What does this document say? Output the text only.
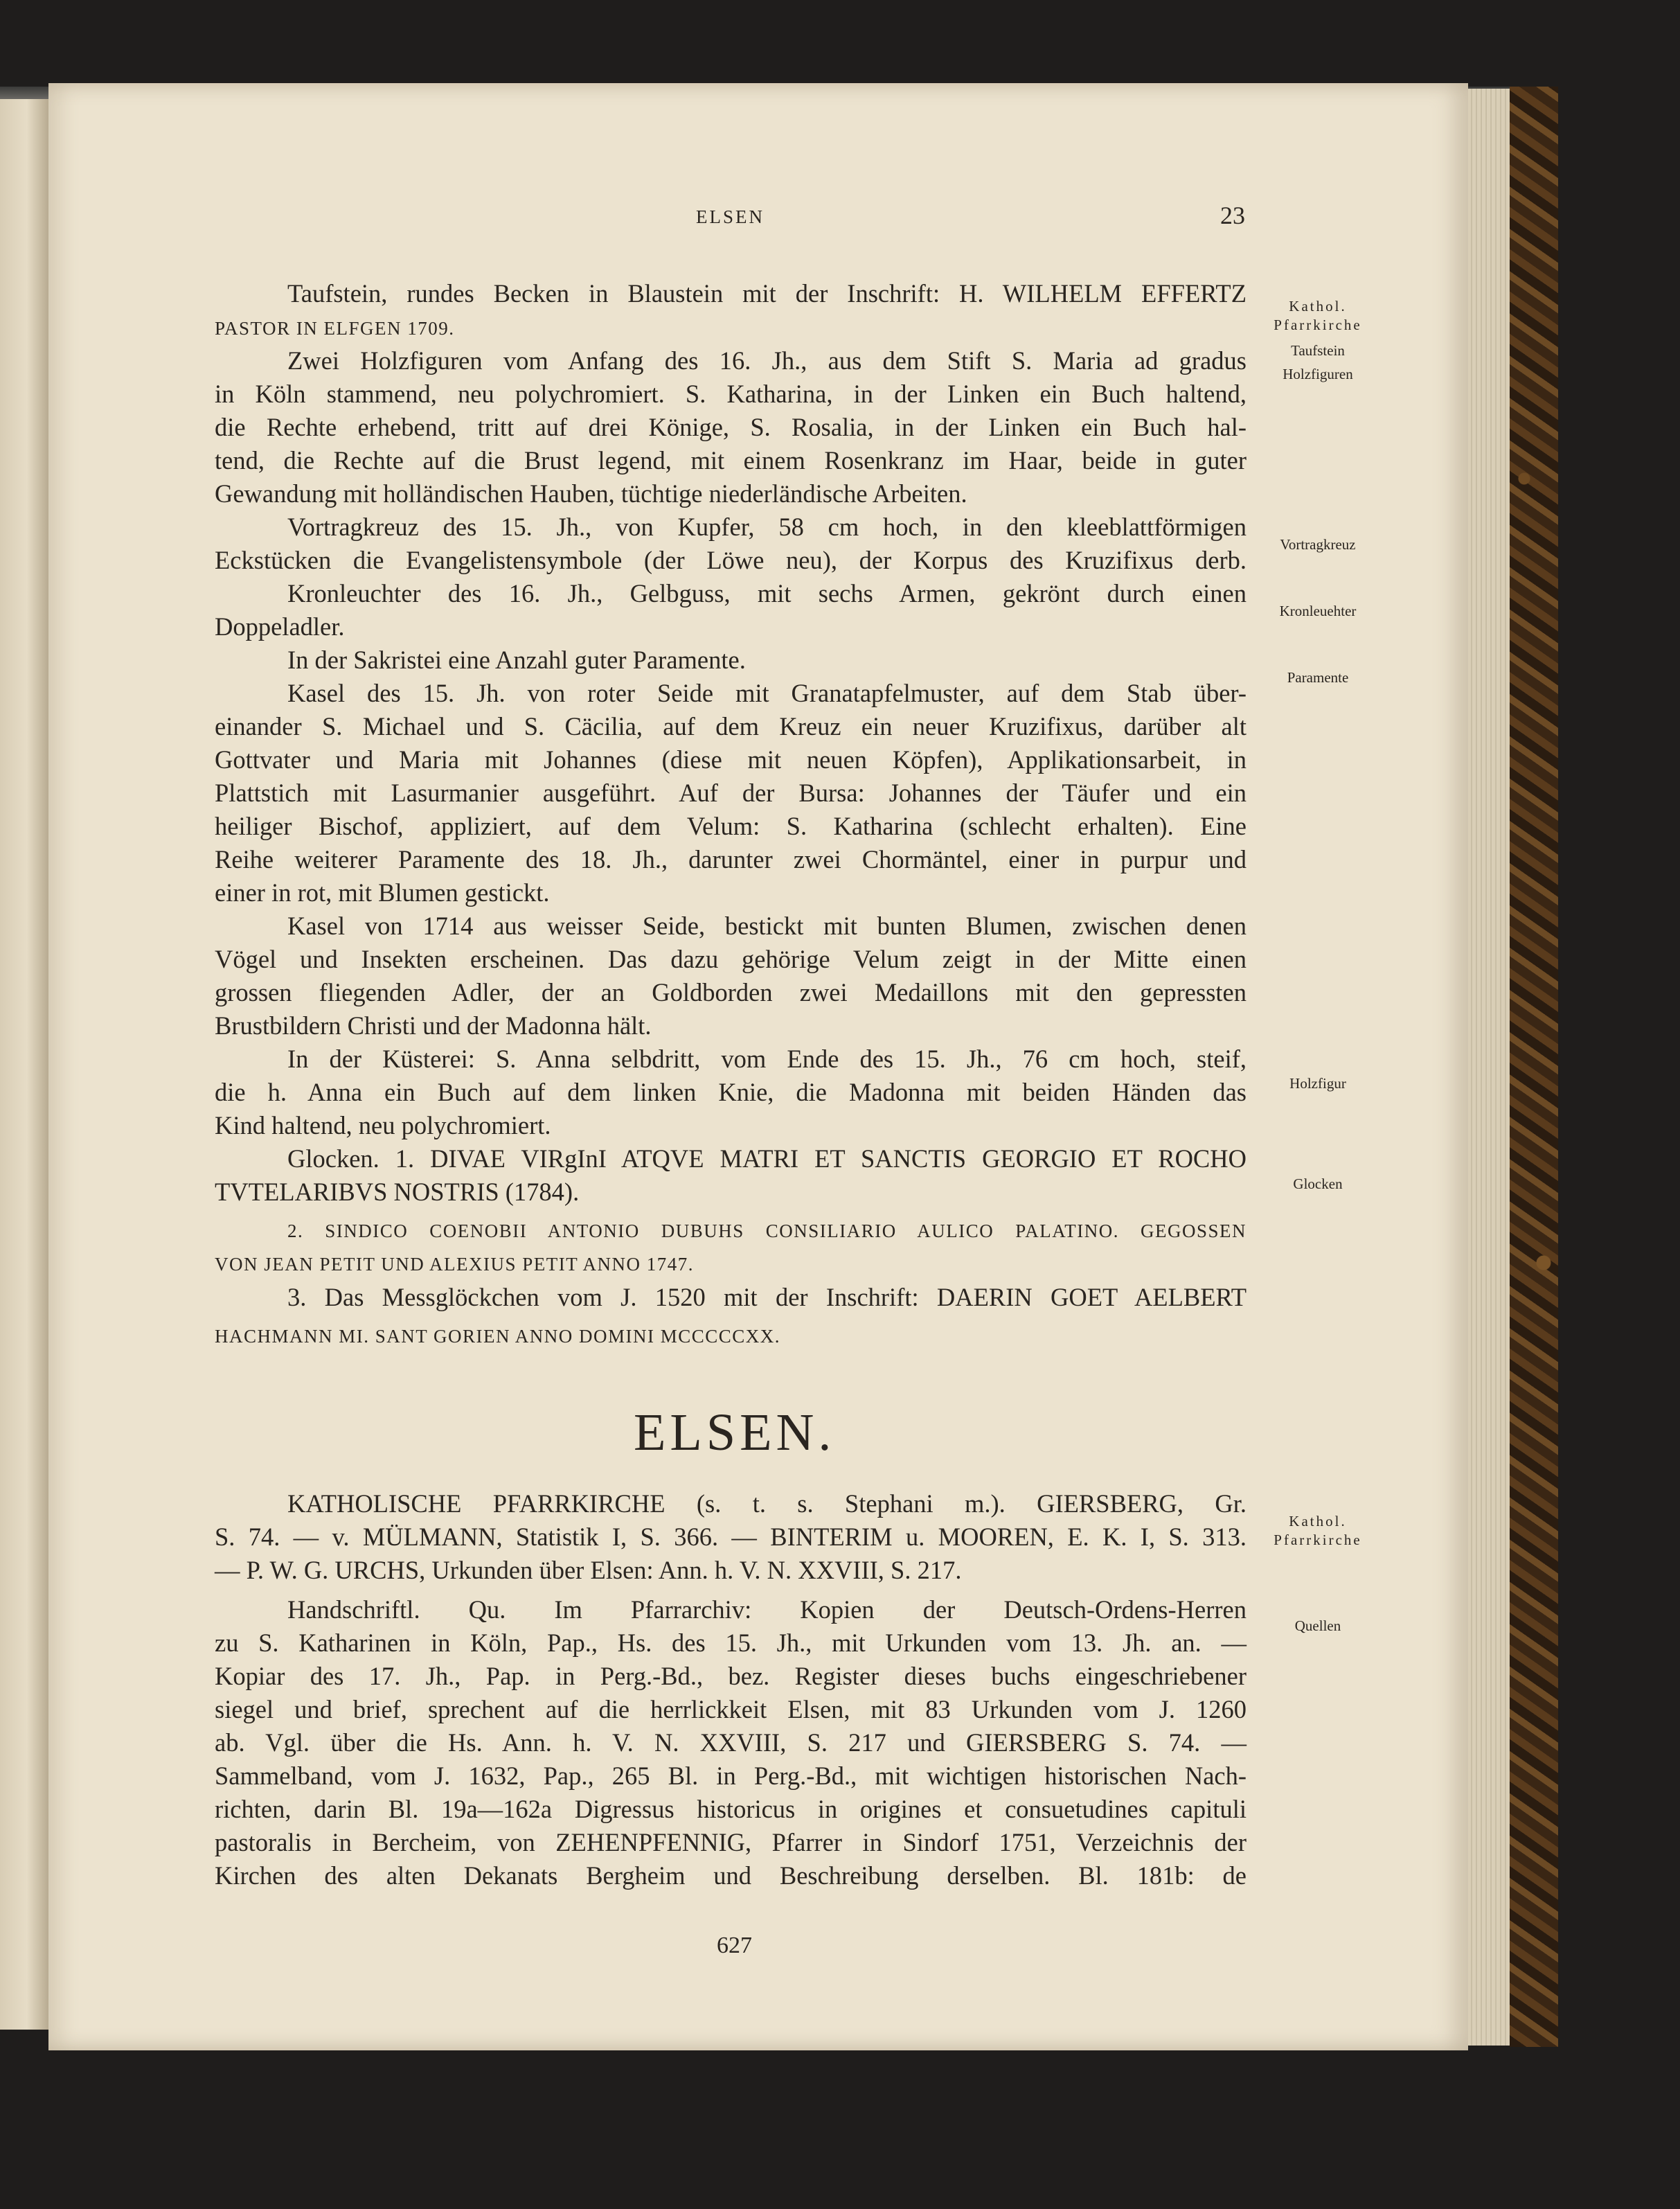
ELSEN	23

Taufstein, rundes Becken in Blaustein mit der Inschrift: H. WILHELM EFFERTZ

PASTOR IN ELFGEN 1709.

Zwei Holzfiguren vom Anfang des 16. Jh., aus dem Stift S. Maria ad gradus

in Köln stammend, neu polychromiert. S. Katharina, in der Linken ein Buch haltend,

die Rechte erhebend, tritt auf drei Könige, S. Rosalia, in der Linken ein Buch hal-

tend, die Rechte auf die Brust legend, mit einem Rosenkranz im Haar, beide in guter

Gewandung mit holländischen Hauben, tüchtige niederländische Arbeiten.

Vortragkreuz des 15. Jh., von Kupfer, 58 cm hoch, in den kleeblattförmigen

Eckstücken die Evangelistensymbole (der Löwe neu), der Korpus des Kruzifixus derb.

Kronleuchter des 16. Jh., Gelbguss, mit sechs Armen, gekrönt durch einen

Doppeladler.

In der Sakristei eine Anzahl guter Paramente.

Kasel des 15. Jh. von roter Seide mit Granatapfelmuster, auf dem Stab über-

einander S. Michael und S. Cäcilia, auf dem Kreuz ein neuer Kruzifixus, darüber alt

Gottvater und Maria mit Johannes (diese mit neuen Köpfen), Applikationsarbeit, in

Plattstich mit Lasurmanier ausgeführt. Auf der Bursa: Johannes der Täufer und ein

heiliger Bischof, appliziert, auf dem Velum: S. Katharina (schlecht erhalten). Eine

Reihe weiterer Paramente des 18. Jh., darunter zwei Chormäntel, einer in purpur und

einer in rot, mit Blumen gestickt.

Kasel von 1714 aus weisser Seide, bestickt mit bunten Blumen, zwischen denen

Vögel und Insekten erscheinen. Das dazu gehörige Velum zeigt in der Mitte einen

grossen fliegenden Adler, der an Goldborden zwei Medaillons mit den gepressten

Brustbildern Christi und der Madonna hält.

In der Küsterei: S. Anna selbdritt, vom Ende des 15. Jh., 76 cm hoch, steif,

die h. Anna ein Buch auf dem linken Knie, die Madonna mit beiden Händen das

Kind haltend, neu polychromiert.

Glocken. 1. DIVAE VIRgInI ATQVE MATRI ET SANCTIS GEORGIO ET ROCHO

TVTELARIBVS NOSTRIS (1784).

2. SINDICO COENOBII ANTONIO DUBUHS CONSILIARIO AULICO PALATINO. GEGOSSEN

VON JEAN PETIT UND ALEXIUS PETIT ANNO 1747.

3. Das Messglöckchen vom J. 1520 mit der Inschrift: DAERIN GOET AELBERT

HACHMANN MI. SANT GORIEN ANNO DOMINI MCCCCCXX.

ELSEN.

KATHOLISCHE PFARRKIRCHE (s. t. s. Stephani m.). GIERSBERG, Gr.

S. 74. — v. MÜLMANN, Statistik I, S. 366. — BINTERIM u. MOOREN, E. K. I, S. 313.

— P. W. G. URCHS, Urkunden über Elsen: Ann. h. V. N. XXVIII, S. 217.

Handschriftl. Qu. Im Pfarrarchiv: Kopien der Deutsch-Ordens-Herren

zu S. Katharinen in Köln, Pap., Hs. des 15. Jh., mit Urkunden vom 13. Jh. an. —

Kopiar des 17. Jh., Pap. in Perg.-Bd., bez. Register dieses buchs eingeschriebener

siegel und brief, sprechent auf die herrlickkeit Elsen, mit 83 Urkunden vom J. 1260

ab. Vgl. über die Hs. Ann. h. V. N. XXVIII, S. 217 und GIERSBERG S. 74. —

Sammelband, vom J. 1632, Pap., 265 Bl. in Perg.-Bd., mit wichtigen historischen Nach-

richten, darin Bl. 19a—162a Digressus historicus in origines et consuetudines capituli

pastoralis in Bercheim, von ZEHENPFENNIG, Pfarrer in Sindorf 1751, Verzeichnis der

Kirchen des alten Dekanats Bergheim und Beschreibung derselben. Bl. 181b: de

Kathol.

Pfarrkirche

Taufstein

Holzfiguren

Vortragkreuz

Kronleuehter

Paramente

Holzfigur

Glocken

Kathol.

Pfarrkirche

Quellen

627
